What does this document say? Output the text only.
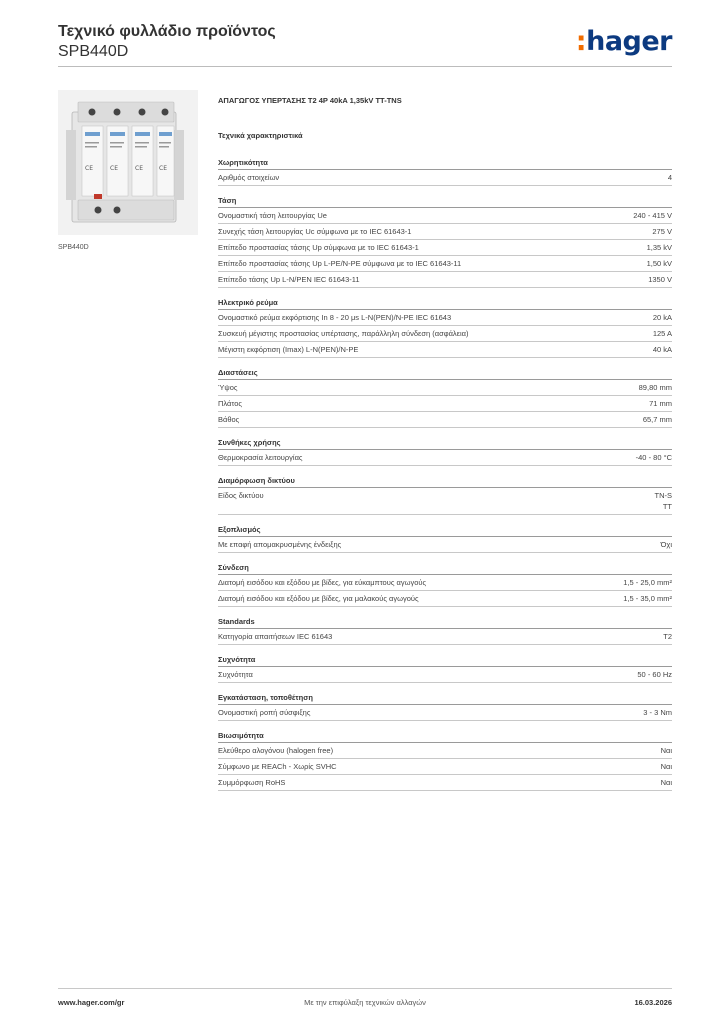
Τεχνικό φυλλάδιο προϊόντος
SPB440D	:hager
CE	CE	CE	CE
SPB440D
ΑΠΑΓΩΓΟΣ ΥΠΕΡΤΑΣΗΣ Τ2 4P 40kA 1,35kV TT-TNS
Τεχνικά χαρακτηριστικά
Χωρητικότητα
Αριθμός στοιχείων	4
Τάση
Ονομαστική τάση λειτουργίας Ue	240 - 415 V
Συνεχής τάση λειτουργίας Uc σύμφωνα με το IEC 61643-1	275 V
Επίπεδο προστασίας τάσης Up σύμφωνα με το IEC 61643-1	1,35 kV
Επίπεδο προστασίας τάσης Up L-PE/N-PE σύμφωνα με το IEC 61643-11	1,50 kV
Επίπεδο τάσης Up L-N/PEN IEC 61643-11	1350 V
Ηλεκτρικό ρεύμα
Ονομαστικό ρεύμα εκφόρτισης In 8 - 20 μs L-N(PEN)/N-PE IEC 61643	20 kA
Συσκευή μέγιστης προστασίας υπέρτασης, παράλληλη σύνδεση (ασφάλεια)	125 A
Μέγιστη εκφόρτιση (Imax) L-N(PEN)/N-PE	40 kA
Διαστάσεις
Ύψος	89,80 mm
Πλάτος	71 mm
Βάθος	65,7 mm
Συνθήκες χρήσης
Θερμοκρασία λειτουργίας	-40 - 80 °C
Διαμόρφωση δικτύου
Είδος δικτύου	TN-S
TT
Εξοπλισμός
Με επαφή απομακρυσμένης ένδειξης	Όχι
Σύνδεση
Διατομή εισόδου και εξόδου με βίδες, για εύκαμπτους αγωγούς	1,5 - 25,0 mm²
Διατομή εισόδου και εξόδου με βίδες, για μαλακούς αγωγούς	1,5 - 35,0 mm²
Standards
Κατηγορία απαιτήσεων IEC 61643	T2
Συχνότητα
Συχνότητα	50 - 60 Hz
Εγκατάσταση, τοποθέτηση
Ονομαστική ροπή σύσφιξης	3 - 3 Nm
Βιωσιμότητα
Ελεύθερο αλογόνου (halogen free)	Ναι
Σύμφωνο με REACh - Χωρίς SVHC	Ναι
Συμμόρφωση RoHS	Ναι
www.hager.com/gr	Με την επιφύλαξη τεχνικών αλλαγών	16.03.2026
